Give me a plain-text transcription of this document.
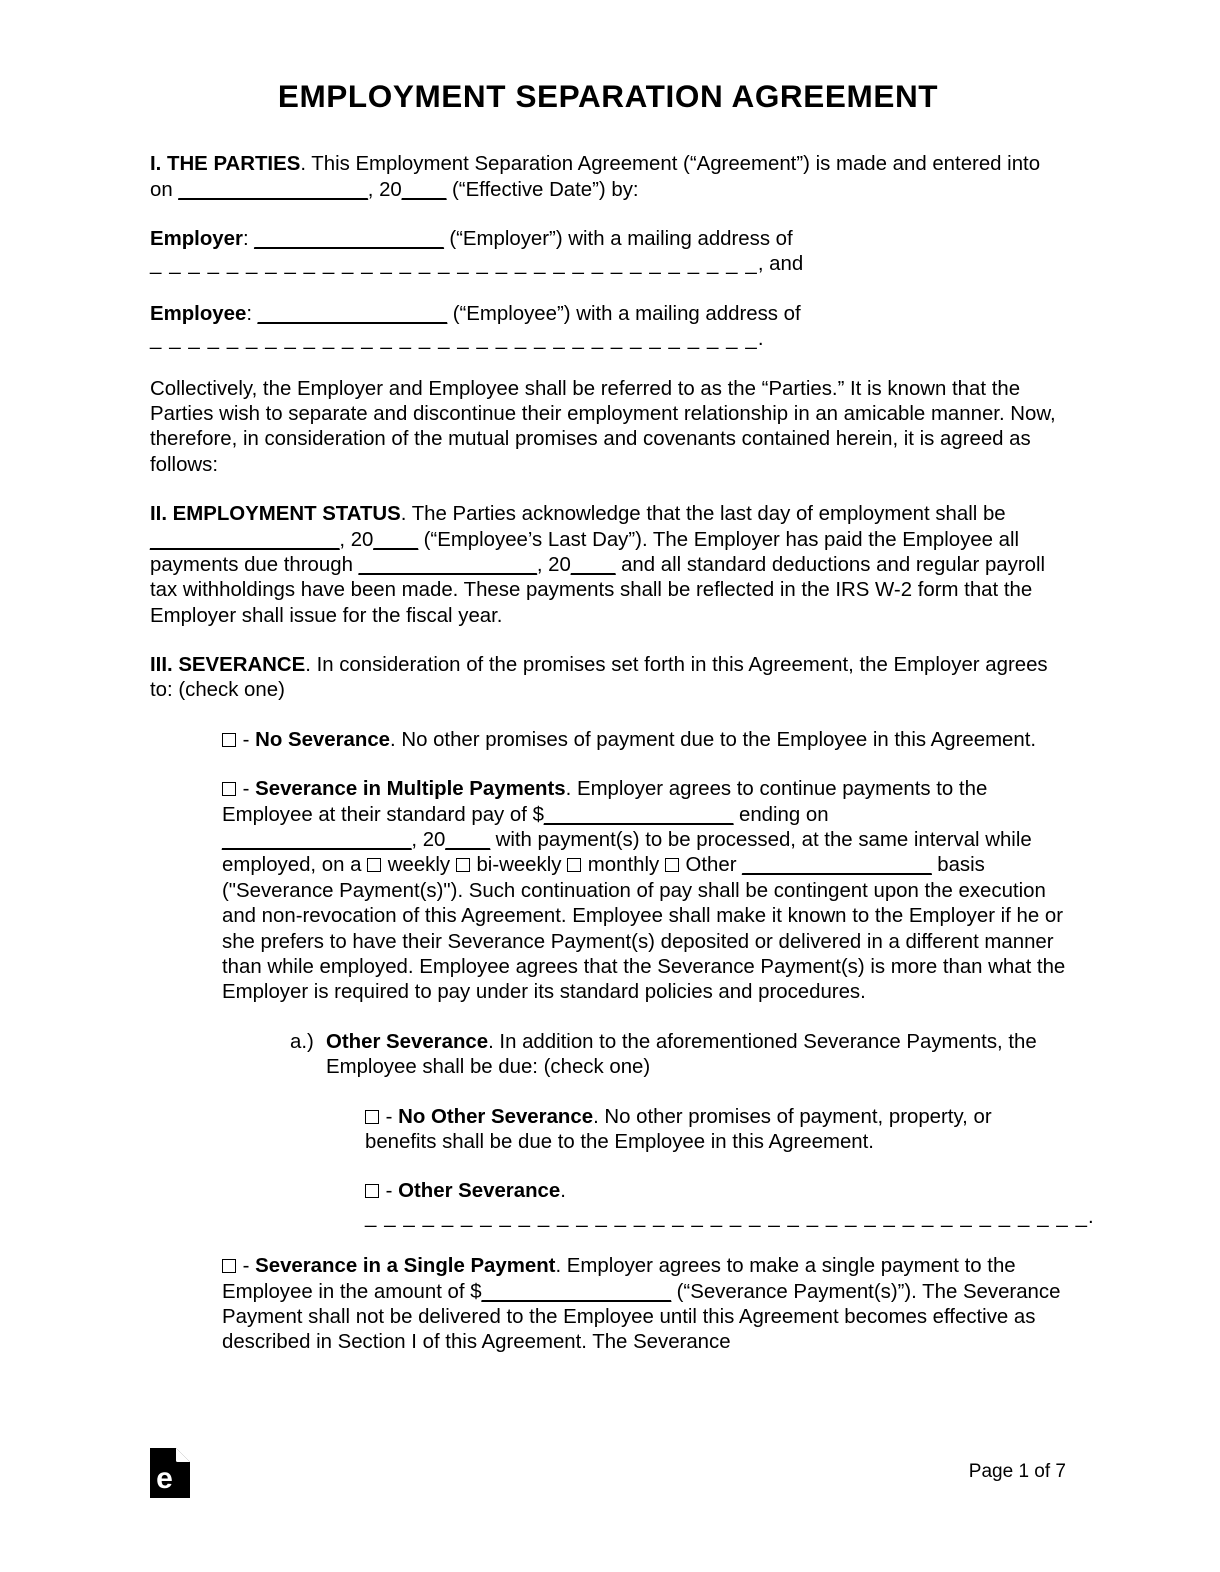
EMPLOYMENT SEPARATION AGREEMENT

I. THE PARTIES. This Employment Separation Agreement (“Agreement”) is made and entered into on _________________, 20____ (“Effective Date”) by:

Employer: _________________ (“Employer”) with a mailing address of
_ _ _ _ _ _ _ _ _ _ _ _ _ _ _ _ _ _ _ _ _ _ _ _ _ _ _ _ _ _ _ _, and

Employee: _________________ (“Employee”) with a mailing address of
_ _ _ _ _ _ _ _ _ _ _ _ _ _ _ _ _ _ _ _ _ _ _ _ _ _ _ _ _ _ _ _.

Collectively, the Employer and Employee shall be referred to as the “Parties.” It is known that the Parties wish to separate and discontinue their employment relationship in an amicable manner. Now, therefore, in consideration of the mutual promises and covenants contained herein, it is agreed as follows:

II. EMPLOYMENT STATUS. The Parties acknowledge that the last day of employment shall be _________________, 20____ (“Employee’s Last Day”). The Employer has paid the Employee all payments due through ________________, 20____ and all standard deductions and regular payroll tax withholdings have been made. These payments shall be reflected in the IRS W-2 form that the Employer shall issue for the fiscal year.

III. SEVERANCE. In consideration of the promises set forth in this Agreement, the Employer agrees to: (check one)

- No Severance. No other promises of payment due to the Employee in this Agreement.
- Severance in Multiple Payments. Employer agrees to continue payments to the Employee at their standard pay of $_________________ ending on
_________________, 20____ with payment(s) to be processed, at the same interval while employed, on a  weekly  bi-weekly  monthly  Other _________________ basis ("Severance Payment(s)"). Such continuation of pay shall be contingent upon the execution and non-revocation of this Agreement. Employee shall make it known to the Employer if he or she prefers to have their Severance Payment(s) deposited or delivered in a different manner than while employed. Employee agrees that the Severance Payment(s) is more than what the Employer is required to pay under its standard policies and procedures.
a.) Other Severance. In addition to the aforementioned Severance Payments, the Employee shall be due: (check one)
- No Other Severance. No other promises of payment, property, or benefits shall be due to the Employee in this Agreement.
- Other Severance. _ _ _ _ _ _ _ _ _ _ _ _ _ _ _ _ _ _ _ _ _ _ _ _ _ _ _ _ _ _ _ _ _ _ _ _ _ _.
- Severance in a Single Payment. Employer agrees to make a single payment to the Employee in the amount of $_________________ (“Severance Payment(s)”). The Severance Payment shall not be delivered to the Employee until this Agreement becomes effective as described in Section I of this Agreement. The Severance
e	Page 1 of 7
